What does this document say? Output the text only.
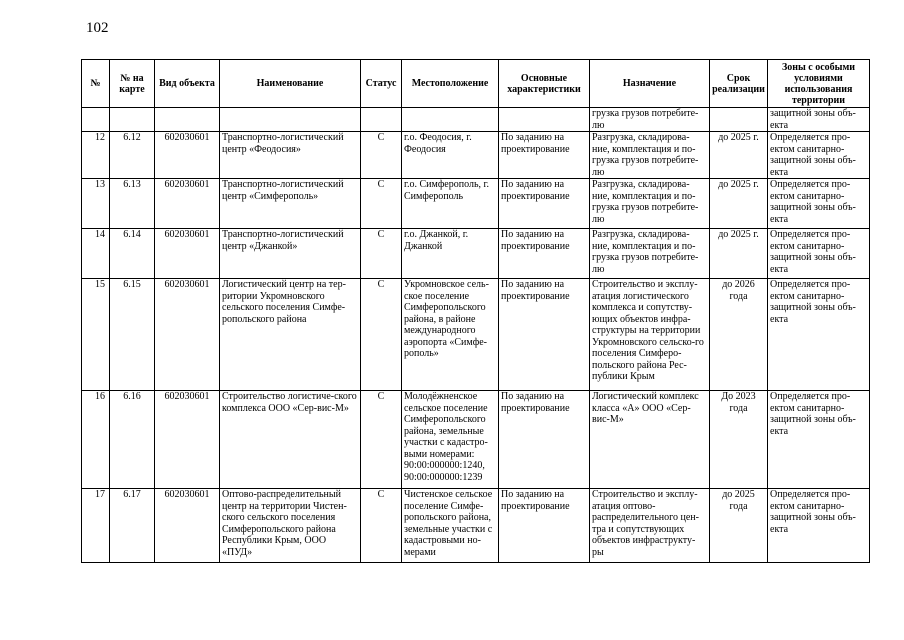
102
№	№ на карте	Вид объекта	Наименование	Статус	Местоположение	Основные характеристики	Назначение	Срок реализации	Зоны с особыми условиями использования территории
							грузка грузов потребите-лю		защитной зоны объ-екта
12	6.12	602030601	Транспортно-логистический центр «Феодосия»	С	г.о. Феодосия, г. Феодосия	По заданию на проектирование	Разгрузка, складирова-ние, комплектация и по-грузка грузов потребите-лю	до 2025 г.	Определяется про-ектом санитарно-защитной зоны объ-екта
13	6.13	602030601	Транспортно-логистический центр «Симферополь»	С	г.о. Симферополь, г. Симферополь	По заданию на проектирование	Разгрузка, складирова-ние, комплектация и по-грузка грузов потребите-лю	до 2025 г.	Определяется про-ектом санитарно-защитной зоны объ-екта
14	6.14	602030601	Транспортно-логистический центр «Джанкой»	С	г.о. Джанкой, г. Джанкой	По заданию на проектирование	Разгрузка, складирова-ние, комплектация и по-грузка грузов потребите-лю	до 2025 г.	Определяется про-ектом санитарно-защитной зоны объ-екта
15	6.15	602030601	Логистический центр на тер-ритории Укромновского сельского поселения Симфе-ропольского района	С	Укромновское сель-ское поселение Симферопольского района, в районе международного аэропорта «Симфе-рополь»	По заданию на проектирование	Строительство и эксплу-атация логистического комплекса и сопутству-ющих объектов инфра-структуры на территории Укромновского сельско-го поселения Симферо-польского района Рес-публики Крым	до 2026 года	Определяется про-ектом санитарно-защитной зоны объ-екта
16	6.16	602030601	Строительство логистиче-ского комплекса ООО «Сер-вис-М»	С	Молодёжненское сельское поселение Симферопольского района, земельные участки с кадастро-выми номерами: 90:00:000000:1240, 90:00:000000:1239	По заданию на проектирование	Логистический комплекс класса «А» ООО «Сер-вис-М»	До 2023 года	Определяется про-ектом санитарно-защитной зоны объ-екта
17	6.17	602030601	Оптово-распределительный центр на территории Чистен-ского сельского поселения Симферопольского района Республики Крым, ООО «ПУД»	С	Чистенское сельское поселение Симфе-ропольского района, земельные участки с кадастровыми но-мерами	По заданию на проектирование	Строительство и эксплу-атация оптово-распределительного цен-тра и сопутствующих объектов инфраструкту-ры	до 2025 года	Определяется про-ектом санитарно-защитной зоны объ-екта
